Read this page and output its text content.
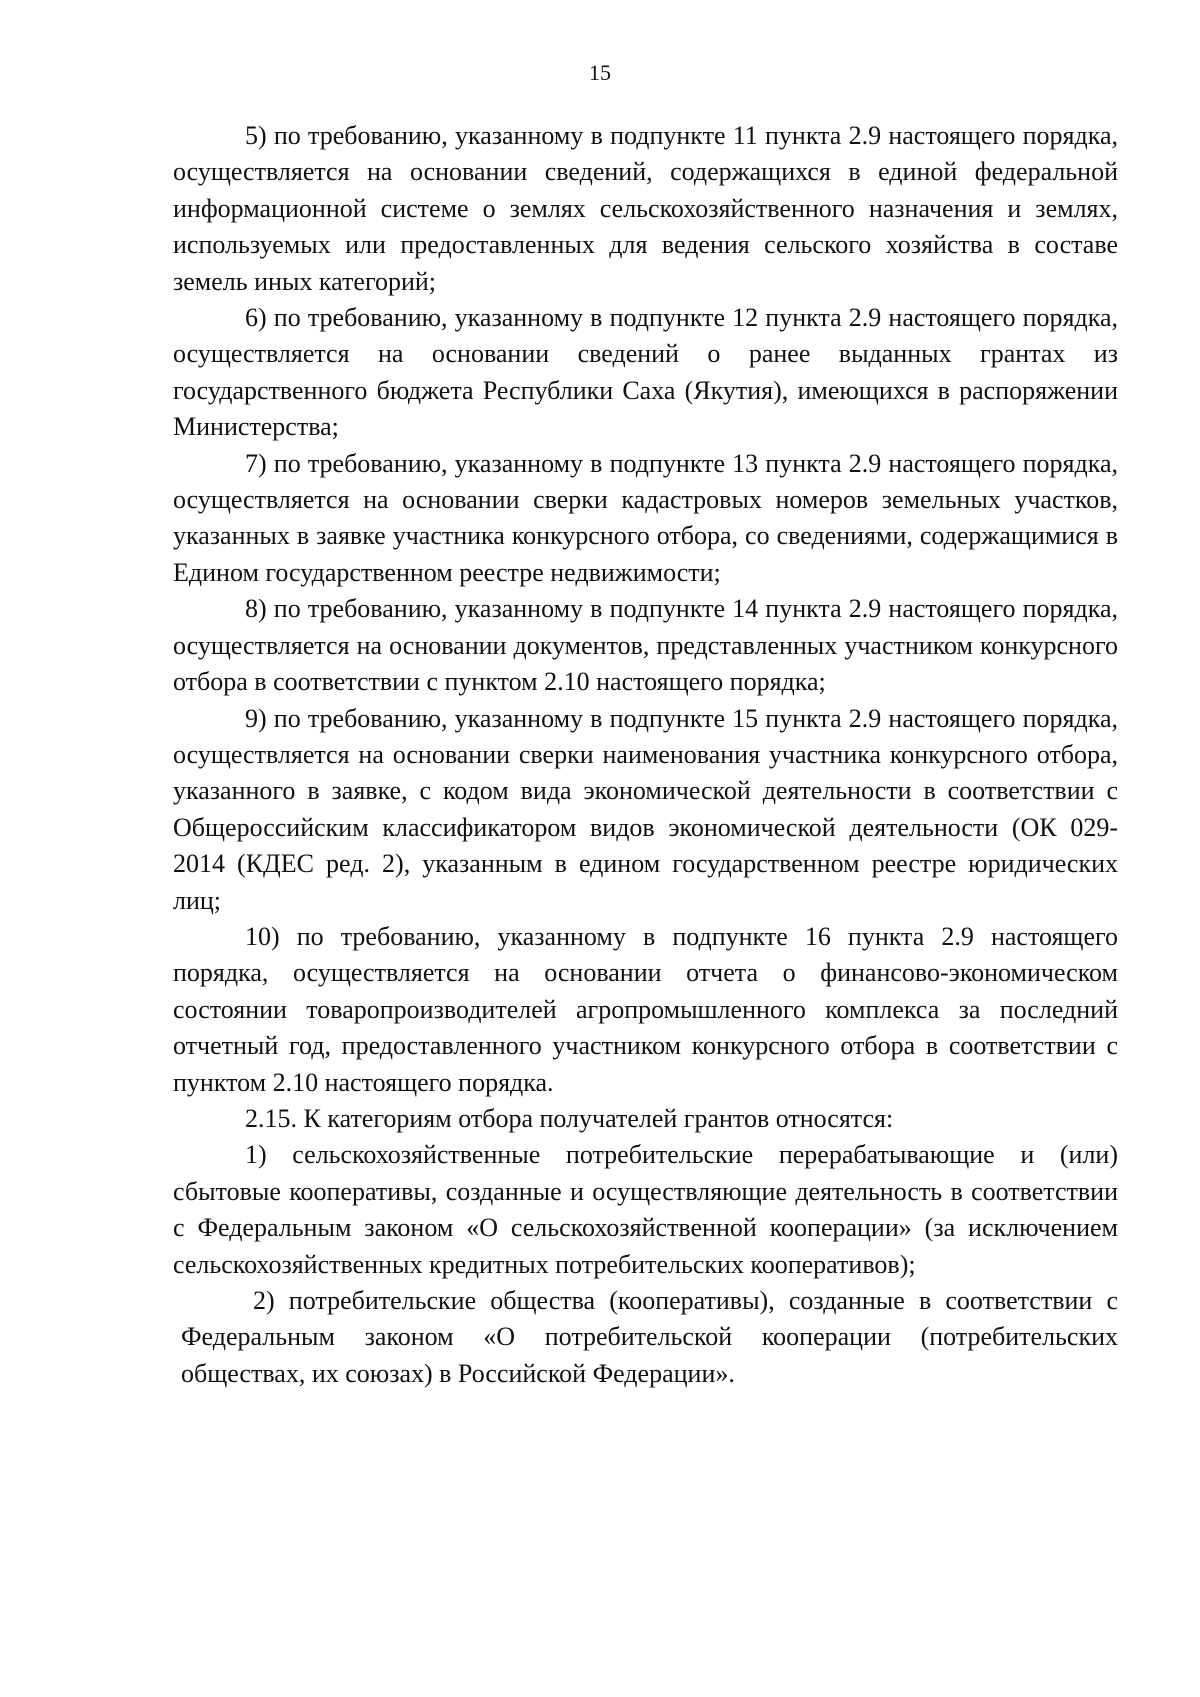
15

5) по требованию, указанному в подпункте 11 пункта 2.9 настоящего порядка, осуществляется на основании сведений, содержащихся в единой федеральной информационной системе о землях сельскохозяйственного назначения и землях, используемых или предоставленных для ведения сельского хозяйства в составе земель иных категорий;

6) по требованию, указанному в подпункте 12 пункта 2.9 настоящего порядка, осуществляется на основании сведений о ранее выданных грантах из государственного бюджета Республики Саха (Якутия), имеющихся в распоряжении Министерства;

7) по требованию, указанному в подпункте 13 пункта 2.9 настоящего порядка, осуществляется на основании сверки кадастровых номеров земельных участков, указанных в заявке участника конкурсного отбора, со сведениями, содержащимися в Едином государственном реестре недвижимости;

8) по требованию, указанному в подпункте 14 пункта 2.9 настоящего порядка, осуществляется на основании документов, представленных участником конкурсного отбора в соответствии с пунктом 2.10 настоящего порядка;

9) по требованию, указанному в подпункте 15 пункта 2.9 настоящего порядка, осуществляется на основании сверки наименования участника конкурсного отбора, указанного в заявке, с кодом вида экономической деятельности в соответствии с Общероссийским классификатором видов экономической деятельности (ОК 029-2014 (КДЕС ред. 2), указанным в едином государственном реестре юридических лиц;

10) по требованию, указанному в подпункте 16 пункта 2.9 настоящего порядка, осуществляется на основании отчета о финансово-экономическом состоянии товаропроизводителей агропромышленного комплекса за последний отчетный год, предоставленного участником конкурсного отбора в соответствии с пунктом 2.10 настоящего порядка.

2.15. К категориям отбора получателей грантов относятся:

1) сельскохозяйственные потребительские перерабатывающие и (или) сбытовые кооперативы, созданные и осуществляющие деятельность в соответствии с Федеральным законом «О сельскохозяйственной кооперации» (за исключением сельскохозяйственных кредитных потребительских кооперативов);

2) потребительские общества (кооперативы), созданные в соответствии с Федеральным законом «О потребительской кооперации (потребительских обществах, их союзах) в Российской Федерации».
